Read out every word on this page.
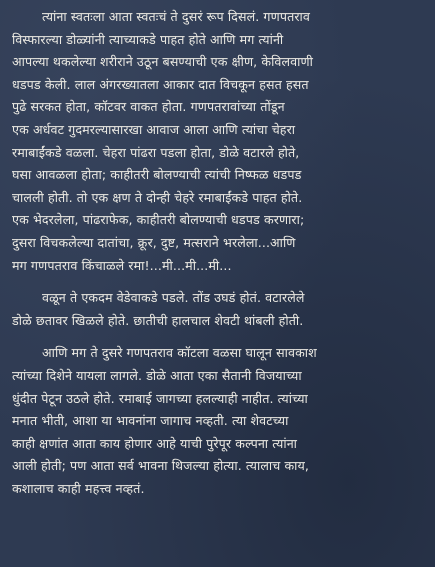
त्यांना स्वतःला आता स्वतःचं ते दुसरं रूप दिसलं. गणपतराव
विस्फारल्या डोळ्यांनी त्याच्याकडे पाहत होते आणि मग त्यांनी
आपल्या थकलेल्या शरीराने उठून बसण्याची एक क्षीण, केविलवाणी
धडपड केली. लाल अंगरख्यातला आकार दात विचकून हसत हसत
पुढे सरकत होता, कॉटवर वाकत होता. गणपतरावांच्या तोंडून
एक अर्धवट गुदमरल्यासारखा आवाज आला आणि त्यांचा चेहरा
रमाबाईंकडे वळला. चेहरा पांढरा पडला होता, डोळे वटारले होते,
घसा आवळला होता; काहीतरी बोलण्याची त्यांची निष्फळ धडपड
चालली होती. तो एक क्षण ते दोन्ही चेहरे रमाबाईंकडे पाहत होते.
एक भेदरलेला, पांढराफेक, काहीतरी बोलण्याची धडपड करणारा;
दुसरा विचकलेल्या दातांचा, क्रूर, दुष्ट, मत्सराने भरलेला...आणि
मग गणपतराव किंचाळले रमा!...मी...मी...मी...

वळून ते एकदम वेडेवाकडे पडले. तोंड उघडं होतं. वटारलेले
डोळे छतावर खिळले होते. छातीची हालचाल शेवटी थांबली होती.

आणि मग ते दुसरे गणपतराव कॉटला वळसा घालून सावकाश
त्यांच्या दिशेने यायला लागले. डोळे आता एका सैतानी विजयाच्या
धुंदीत पेटून उठले होते. रमाबाई जागच्या हलल्याही नाहीत. त्यांच्या
मनात भीती, आशा या भावनांना जागाच नव्हती. त्या शेवटच्या
काही क्षणांत आता काय होणार आहे याची पुरेपूर कल्पना त्यांना
आली होती; पण आता सर्व भावना थिजल्या होत्या. त्यालाच काय,
कशालाच काही महत्त्व नव्हतं.
